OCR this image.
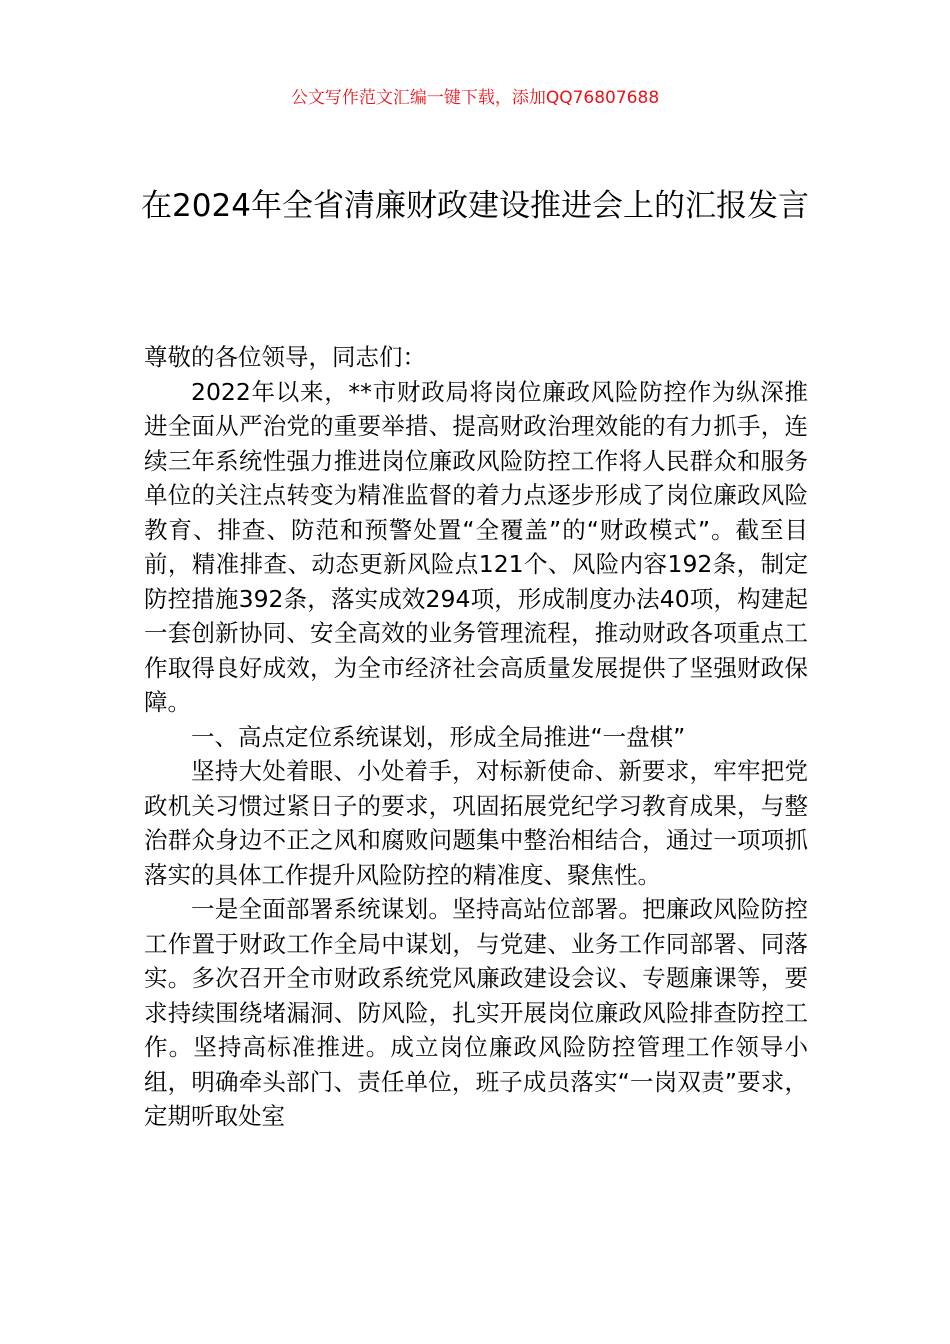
公文写作范文汇编一键下载，添加QQ76807688
在2024年全省清廉财政建设推进会上的汇报发言

尊敬的各位领导，同志们：

2022年以来，**市财政局将岗位廉政风险防控作为纵深推进全面从严治党的重要举措、提高财政治理效能的有力抓手，连续三年系统性强力推进岗位廉政风险防控工作将人民群众和服务单位的关注点转变为精准监督的着力点逐步形成了岗位廉政风险教育、排查、防范和预警处置“全覆盖”的“财政模式”。截至目前，精准排查、动态更新风险点121个、风险内容192条，制定防控措施392条，落实成效294项，形成制度办法40项，构建起一套创新协同、安全高效的业务管理流程，推动财政各项重点工作取得良好成效，为全市经济社会高质量发展提供了坚强财政保障。

一、高点定位系统谋划，形成全局推进“一盘棋”

坚持大处着眼、小处着手，对标新使命、新要求，牢牢把党政机关习惯过紧日子的要求，巩固拓展党纪学习教育成果，与整治群众身边不正之风和腐败问题集中整治相结合，通过一项项抓落实的具体工作提升风险防控的精准度、聚焦性。

一是全面部署系统谋划。坚持高站位部署。把廉政风险防控工作置于财政工作全局中谋划，与党建、业务工作同部署、同落实。多次召开全市财政系统党风廉政建设会议、专题廉课等，要求持续围绕堵漏洞、防风险，扎实开展岗位廉政风险排查防控工作。坚持高标准推进。成立岗位廉政风险防控管理工作领导小组，明确牵头部门、责任单位，班子成员落实“一岗双责”要求，定期听取处室
